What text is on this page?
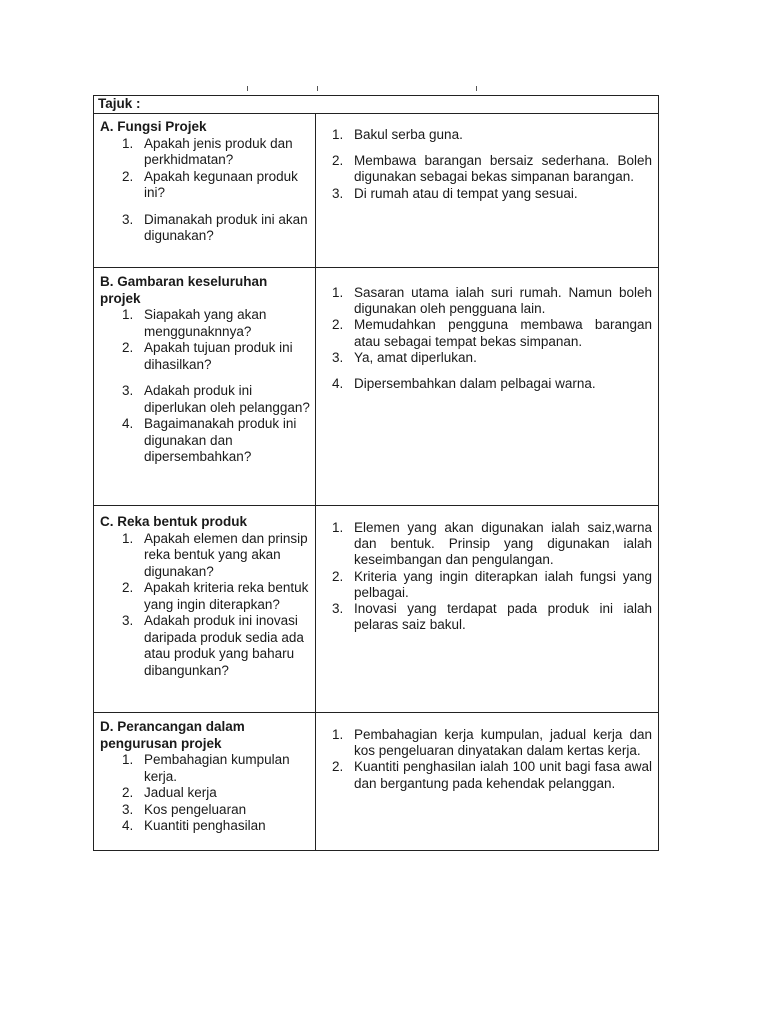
Tajuk :
A. Fungsi Projek
1. Apakah jenis produk dan perkhidmatan?
2. Apakah kegunaan produk ini?
3. Dimanakah produk ini akan digunakan?
1. Bakul serba guna.
2. Membawa barangan bersaiz sederhana. Boleh digunakan sebagai bekas simpanan barangan.
3. Di rumah atau di tempat yang sesuai.
B. Gambaran keseluruhan projek
1. Siapakah yang akan menggunaknnya?
2. Apakah tujuan produk ini dihasilkan?
3. Adakah produk ini diperlukan oleh pelanggan?
4. Bagaimanakah produk ini digunakan dan dipersembahkan?
1. Sasaran utama ialah suri rumah. Namun boleh digunakan oleh pengguana lain.
2. Memudahkan pengguna membawa barangan atau sebagai tempat bekas simpanan.
3. Ya, amat diperlukan.
4. Dipersembahkan dalam pelbagai warna.
C. Reka bentuk produk
1. Apakah elemen dan prinsip reka bentuk yang akan digunakan?
2. Apakah kriteria reka bentuk yang ingin diterapkan?
3. Adakah produk ini inovasi daripada produk sedia ada atau produk yang baharu dibangunkan?
1. Elemen yang akan digunakan ialah saiz,warna dan bentuk. Prinsip yang digunakan ialah keseimbangan dan pengulangan.
2. Kriteria yang ingin diterapkan ialah fungsi yang pelbagai.
3. Inovasi yang terdapat pada produk ini ialah pelaras saiz bakul.
D. Perancangan dalam pengurusan projek
1. Pembahagian kumpulan kerja.
2. Jadual kerja
3. Kos pengeluaran
4. Kuantiti penghasilan
1. Pembahagian kerja kumpulan, jadual kerja dan kos pengeluaran dinyatakan dalam kertas kerja.
2. Kuantiti penghasilan ialah 100 unit bagi fasa awal dan bergantung pada kehendak pelanggan.
